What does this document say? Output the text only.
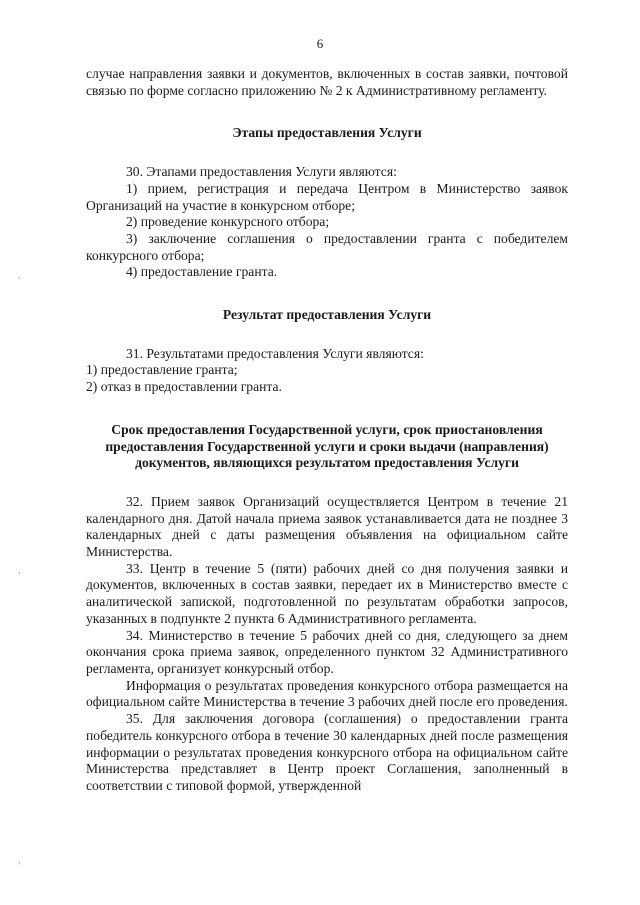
6
,
,
,

случае направления заявки и документов, включенных в состав заявки, почтовой связью по форме согласно приложению № 2 к Административному регламенту.

Этапы предоставления Услуги

30. Этапами предоставления Услуги являются:

1) прием, регистрация и передача Центром в Министерство заявок Организаций на участие в конкурсном отборе;

2) проведение конкурсного отбора;

3) заключение соглашения о предоставлении гранта с победителем конкурсного отбора;

4) предоставление гранта.

Результат предоставления Услуги

31. Результатами предоставления Услуги являются:

1) предоставление гранта;

2) отказ в предоставлении гранта.

Срок предоставления Государственной услуги, срок приостановления предоставления Государственной услуги и сроки выдачи (направления) документов, являющихся результатом предоставления Услуги

32. Прием заявок Организаций осуществляется Центром в течение 21 календарного дня. Датой начала приема заявок устанавливается дата не позднее 3 календарных дней с даты размещения объявления на официальном сайте Министерства.

33. Центр в течение 5 (пяти) рабочих дней со дня получения заявки и документов, включенных в состав заявки, передает их в Министерство вместе с аналитической запиской, подготовленной по результатам обработки запросов, указанных в подпункте 2 пункта 6 Административного регламента.

34. Министерство в течение 5 рабочих дней со дня, следующего за днем окончания срока приема заявок, определенного пунктом 32 Административного регламента, организует конкурсный отбор.

Информация о результатах проведения конкурсного отбора размещается на официальном сайте Министерства в течение 3 рабочих дней после его проведения.

35. Для заключения договора (соглашения) о предоставлении гранта победитель конкурсного отбора в течение 30 календарных дней после размещения информации о результатах проведения конкурсного отбора на официальном сайте Министерства представляет в Центр проект Соглашения, заполненный в соответствии с типовой формой, утвержденной
